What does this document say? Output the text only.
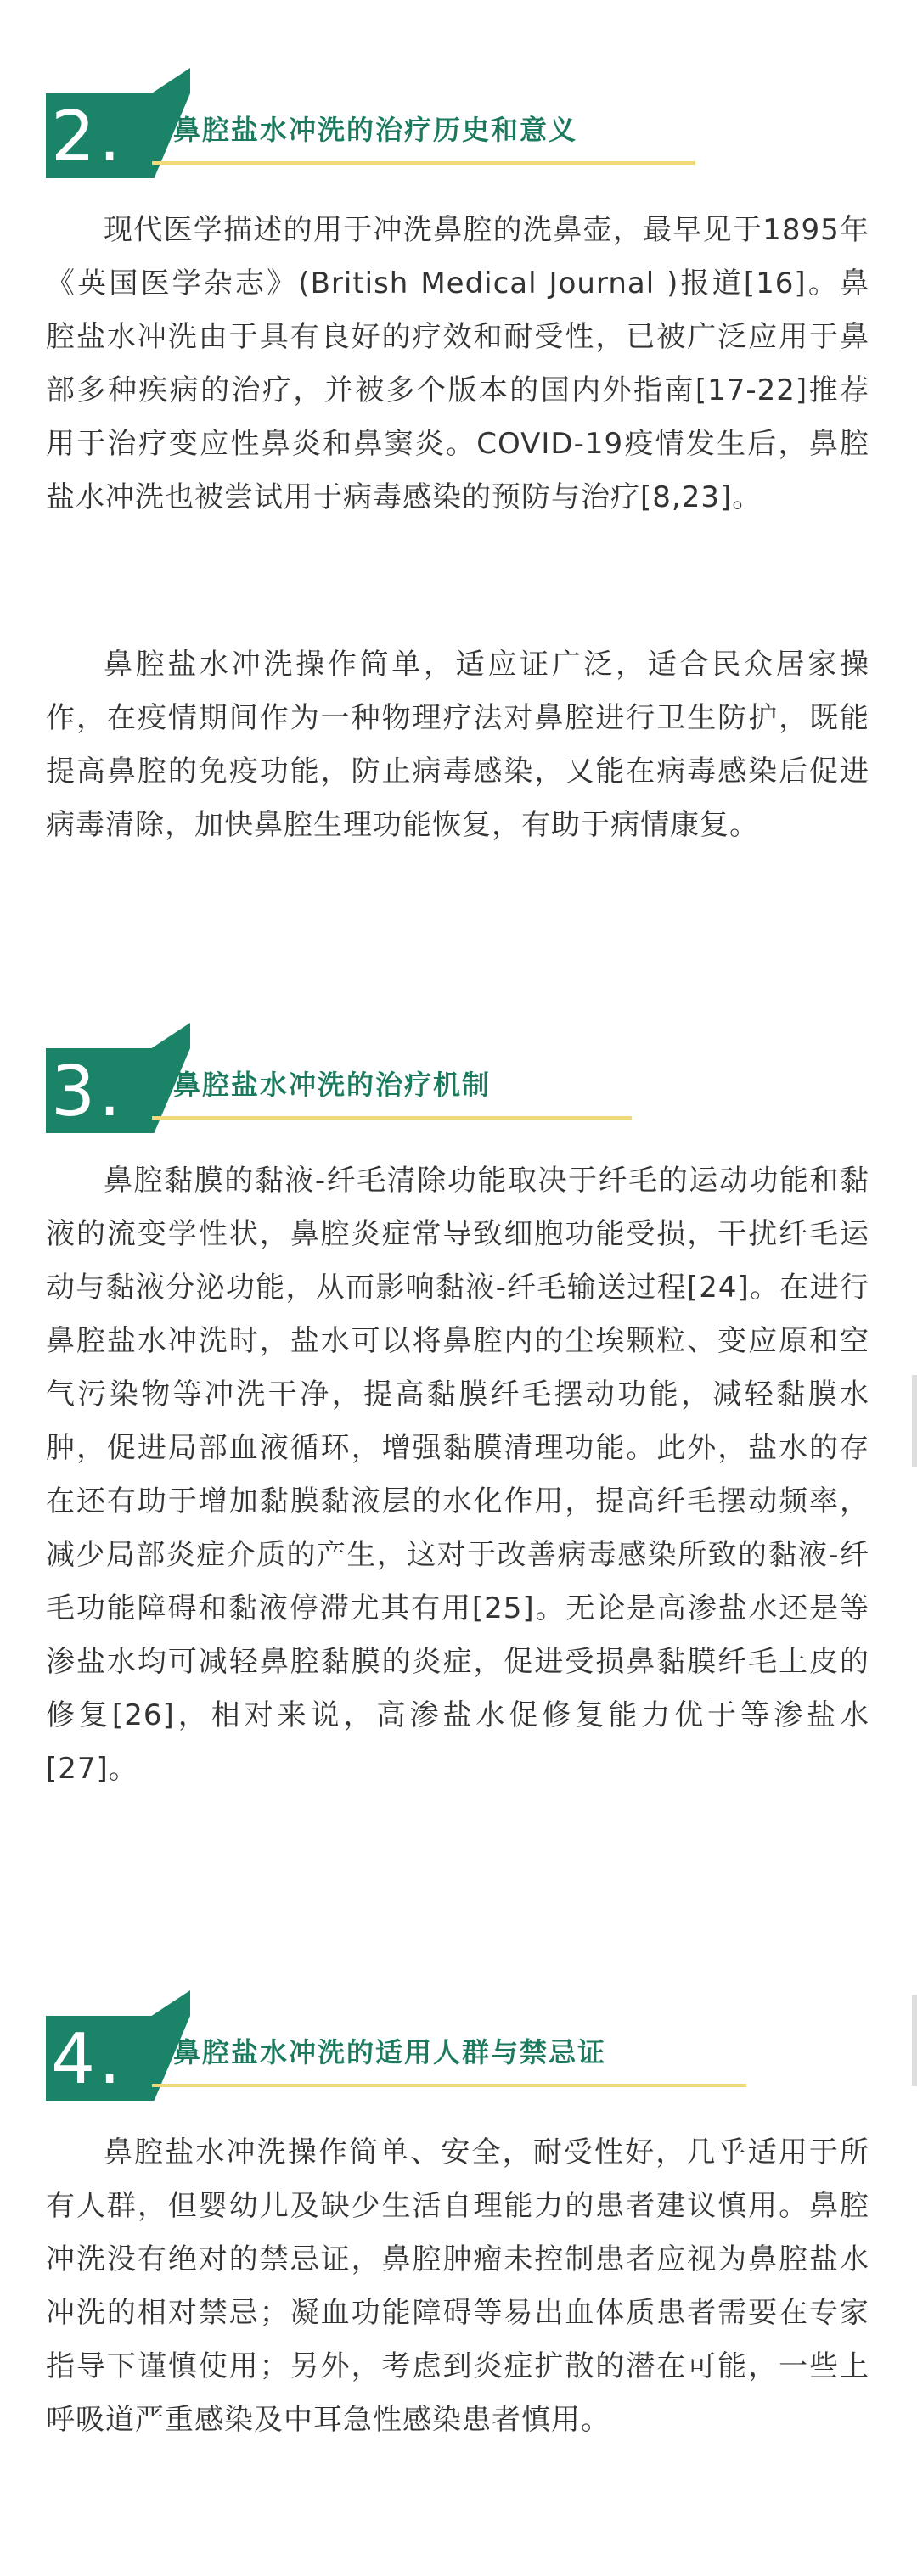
2.	鼻腔盐水冲洗的治疗历史和意义

现代医学描述的用于冲洗鼻腔的洗鼻壶，最早见于1895年《英国医学杂志》(British Medical Journal )报道[16]。鼻腔盐水冲洗由于具有良好的疗效和耐受性，已被广泛应用于鼻部多种疾病的治疗，并被多个版本的国内外指南[17-22]推荐用于治疗变应性鼻炎和鼻窦炎。COVID-19疫情发生后，鼻腔盐水冲洗也被尝试用于病毒感染的预防与治疗[8,23]。

鼻腔盐水冲洗操作简单，适应证广泛，适合民众居家操作，在疫情期间作为一种物理疗法对鼻腔进行卫生防护，既能提高鼻腔的免疫功能，防止病毒感染，又能在病毒感染后促进病毒清除，加快鼻腔生理功能恢复，有助于病情康复。

3.	鼻腔盐水冲洗的治疗机制

鼻腔黏膜的黏液-纤毛清除功能取决于纤毛的运动功能和黏液的流变学性状，鼻腔炎症常导致细胞功能受损，干扰纤毛运动与黏液分泌功能，从而影响黏液-纤毛输送过程[24]。在进行鼻腔盐水冲洗时，盐水可以将鼻腔内的尘埃颗粒、变应原和空气污染物等冲洗干净，提高黏膜纤毛摆动功能，减轻黏膜水肿，促进局部血液循环，增强黏膜清理功能。此外，盐水的存在还有助于增加黏膜黏液层的水化作用，提高纤毛摆动频率，减少局部炎症介质的产生，这对于改善病毒感染所致的黏液-纤毛功能障碍和黏液停滞尤其有用[25]。无论是高渗盐水还是等渗盐水均可减轻鼻腔黏膜的炎症，促进受损鼻黏膜纤毛上皮的修复[26]，相对来说，高渗盐水促修复能力优于等渗盐水[27]。

4.	鼻腔盐水冲洗的适用人群与禁忌证

鼻腔盐水冲洗操作简单、安全，耐受性好，几乎适用于所有人群，但婴幼儿及缺少生活自理能力的患者建议慎用。鼻腔冲洗没有绝对的禁忌证，鼻腔肿瘤未控制患者应视为鼻腔盐水冲洗的相对禁忌；凝血功能障碍等易出血体质患者需要在专家指导下谨慎使用；另外，考虑到炎症扩散的潜在可能，一些上呼吸道严重感染及中耳急性感染患者慎用。
